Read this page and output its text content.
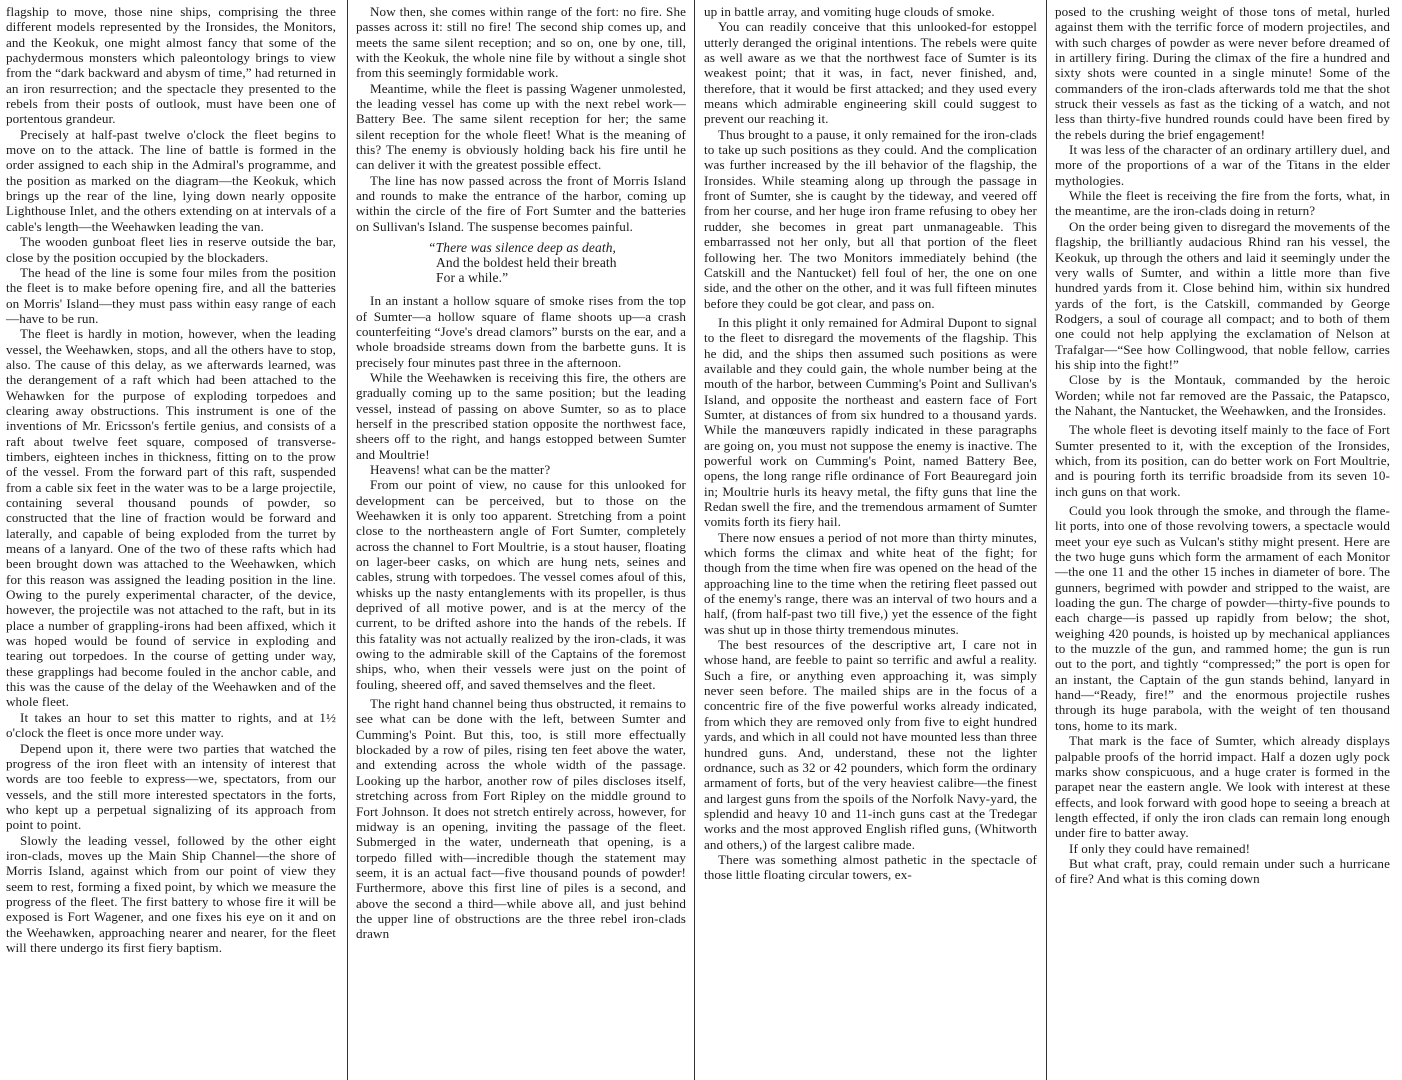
flagship to move, those nine ships, comprising the three different models represented by the Ironsides, the Monitors, and the Keokuk, one might almost fancy that some of the pachydermous monsters which paleontology brings to view from the “dark backward and abysm of time,” had returned in an iron resurrection; and the spectacle they presented to the rebels from their posts of outlook, must have been one of portentous grandeur.

Precisely at half-past twelve o'clock the fleet begins to move on to the attack. The line of battle is formed in the order assigned to each ship in the Admiral's programme, and the position as marked on the diagram—the Keokuk, which brings up the rear of the line, lying down nearly opposite Lighthouse Inlet, and the others extending on at intervals of a cable's length—the Weehawken leading the van.

The wooden gunboat fleet lies in reserve outside the bar, close by the position occupied by the blockaders.

The head of the line is some four miles from the position the fleet is to make before opening fire, and all the batteries on Morris' Island—they must pass within easy range of each—have to be run.

The fleet is hardly in motion, however, when the leading vessel, the Weehawken, stops, and all the others have to stop, also. The cause of this delay, as we afterwards learned, was the derangement of a raft which had been attached to the Wehawken for the purpose of exploding torpedoes and clearing away obstructions. This instrument is one of the inventions of Mr. Ericsson's fertile genius, and consists of a raft about twelve feet square, composed of transverse-timbers, eighteen inches in thickness, fitting on to the prow of the vessel. From the forward part of this raft, suspended from a cable six feet in the water was to be a large projectile, containing several thousand pounds of powder, so constructed that the line of fraction would be forward and laterally, and capable of being exploded from the turret by means of a lanyard. One of the two of these rafts which had been brought down was attached to the Weehawken, which for this reason was assigned the leading position in the line. Owing to the purely experimental character, of the device, however, the projectile was not attached to the raft, but in its place a number of grappling-irons had been affixed, which it was hoped would be found of service in exploding and tearing out torpedoes. In the course of getting under way, these grapplings had become fouled in the anchor cable, and this was the cause of the delay of the Weehawken and of the whole fleet.

It takes an hour to set this matter to rights, and at 1½ o'clock the fleet is once more under way.

Depend upon it, there were two parties that watched the progress of the iron fleet with an intensity of interest that words are too feeble to express—we, spectators, from our vessels, and the still more interested spectators in the forts, who kept up a perpetual signalizing of its approach from point to point.

Slowly the leading vessel, followed by the other eight iron-clads, moves up the Main Ship Channel—the shore of Morris Island, against which from our point of view they seem to rest, forming a fixed point, by which we measure the progress of the fleet. The first battery to whose fire it will be exposed is Fort Wagener, and one fixes his eye on it and on the Weehawken, approaching nearer and nearer, for the fleet will there undergo its first fiery baptism.

Now then, she comes within range of the fort: no fire. She passes across it: still no fire! The second ship comes up, and meets the same silent reception; and so on, one by one, till, with the Keokuk, the whole nine file by without a single shot from this seemingly formidable work.

Meantime, while the fleet is passing Wagener unmolested, the leading vessel has come up with the next rebel work—Battery Bee. The same silent reception for her; the same silent reception for the whole fleet! What is the meaning of this? The enemy is obviously holding back his fire until he can deliver it with the greatest possible effect.

The line has now passed across the front of Morris Island and rounds to make the entrance of the harbor, coming up within the circle of the fire of Fort Sumter and the batteries on Sullivan's Island. The suspense becomes painful.

“There was silence deep as death,
And the boldest held their breath
For a while.”

In an instant a hollow square of smoke rises from the top of Sumter—a hollow square of flame shoots up—a crash counterfeiting “Jove's dread clamors” bursts on the ear, and a whole broadside streams down from the barbette guns. It is precisely four minutes past three in the afternoon.

While the Weehawken is receiving this fire, the others are gradually coming up to the same position; but the leading vessel, instead of passing on above Sumter, so as to place herself in the prescribed station opposite the northwest face, sheers off to the right, and hangs estopped between Sumter and Moultrie!

Heavens! what can be the matter?

From our point of view, no cause for this unlooked for development can be perceived, but to those on the Weehawken it is only too apparent. Stretching from a point close to the northeastern angle of Fort Sumter, completely across the channel to Fort Moultrie, is a stout hauser, floating on lager-beer casks, on which are hung nets, seines and cables, strung with torpedoes. The vessel comes afoul of this, whisks up the nasty entanglements with its propeller, is thus deprived of all motive power, and is at the mercy of the current, to be drifted ashore into the hands of the rebels. If this fatality was not actually realized by the iron-clads, it was owing to the admirable skill of the Captains of the foremost ships, who, when their vessels were just on the point of fouling, sheered off, and saved themselves and the fleet.

The right hand channel being thus obstructed, it remains to see what can be done with the left, between Sumter and Cumming's Point. But this, too, is still more effectually blockaded by a row of piles, rising ten feet above the water, and extending across the whole width of the passage. Looking up the harbor, another row of piles discloses itself, stretching across from Fort Ripley on the middle ground to Fort Johnson. It does not stretch entirely across, however, for midway is an opening, inviting the passage of the fleet. Submerged in the water, underneath that opening, is a torpedo filled with—incredible though the statement may seem, it is an actual fact—five thousand pounds of powder! Furthermore, above this first line of piles is a second, and above the second a third—while above all, and just behind the upper line of obstructions are the three rebel iron-clads drawn

up in battle array, and vomiting huge clouds of smoke.

You can readily conceive that this unlooked-for estoppel utterly deranged the original intentions. The rebels were quite as well aware as we that the northwest face of Sumter is its weakest point; that it was, in fact, never finished, and, therefore, that it would be first attacked; and they used every means which admirable engineering skill could suggest to prevent our reaching it.

Thus brought to a pause, it only remained for the iron-clads to take up such positions as they could. And the complication was further increased by the ill behavior of the flagship, the Ironsides. While steaming along up through the passage in front of Sumter, she is caught by the tideway, and veered off from her course, and her huge iron frame refusing to obey her rudder, she becomes in great part unmanageable. This embarrassed not her only, but all that portion of the fleet following her. The two Monitors immediately behind (the Catskill and the Nantucket) fell foul of her, the one on one side, and the other on the other, and it was full fifteen minutes before they could be got clear, and pass on.

In this plight it only remained for Admiral Dupont to signal to the fleet to disregard the movements of the flagship. This he did, and the ships then assumed such positions as were available and they could gain, the whole number being at the mouth of the harbor, between Cumming's Point and Sullivan's Island, and opposite the northeast and eastern face of Fort Sumter, at distances of from six hundred to a thousand yards. While the manœuvers rapidly indicated in these paragraphs are going on, you must not suppose the enemy is inactive. The powerful work on Cumming's Point, named Battery Bee, opens, the long range rifle ordinance of Fort Beauregard join in; Moultrie hurls its heavy metal, the fifty guns that line the Redan swell the fire, and the tremendous armament of Sumter vomits forth its fiery hail.

There now ensues a period of not more than thirty minutes, which forms the climax and white heat of the fight; for though from the time when fire was opened on the head of the approaching line to the time when the retiring fleet passed out of the enemy's range, there was an interval of two hours and a half, (from half-past two till five,) yet the essence of the fight was shut up in those thirty tremendous minutes.

The best resources of the descriptive art, I care not in whose hand, are feeble to paint so terrific and awful a reality. Such a fire, or anything even approaching it, was simply never seen before. The mailed ships are in the focus of a concentric fire of the five powerful works already indicated, from which they are removed only from five to eight hundred yards, and which in all could not have mounted less than three hundred guns. And, understand, these not the lighter ordnance, such as 32 or 42 pounders, which form the ordinary armament of forts, but of the very heaviest calibre—the finest and largest guns from the spoils of the Norfolk Navy-yard, the splendid and heavy 10 and 11-inch guns cast at the Tredegar works and the most approved English rifled guns, (Whitworth and others,) of the largest calibre made.

There was something almost pathetic in the spectacle of those little floating circular towers, ex-

posed to the crushing weight of those tons of metal, hurled against them with the terrific force of modern projectiles, and with such charges of powder as were never before dreamed of in artillery firing. During the climax of the fire a hundred and sixty shots were counted in a single minute! Some of the commanders of the iron-clads afterwards told me that the shot struck their vessels as fast as the ticking of a watch, and not less than thirty-five hundred rounds could have been fired by the rebels during the brief engagement!

It was less of the character of an ordinary artillery duel, and more of the proportions of a war of the Titans in the elder mythologies.

While the fleet is receiving the fire from the forts, what, in the meantime, are the iron-clads doing in return?

On the order being given to disregard the movements of the flagship, the brilliantly audacious Rhind ran his vessel, the Keokuk, up through the others and laid it seemingly under the very walls of Sumter, and within a little more than five hundred yards from it. Close behind him, within six hundred yards of the fort, is the Catskill, commanded by George Rodgers, a soul of courage all compact; and to both of them one could not help applying the exclamation of Nelson at Trafalgar—“See how Collingwood, that noble fellow, carries his ship into the fight!”

Close by is the Montauk, commanded by the heroic Worden; while not far removed are the Passaic, the Patapsco, the Nahant, the Nantucket, the Weehawken, and the Ironsides.

The whole fleet is devoting itself mainly to the face of Fort Sumter presented to it, with the exception of the Ironsides, which, from its position, can do better work on Fort Moultrie, and is pouring forth its terrific broadside from its seven 10-inch guns on that work.

Could you look through the smoke, and through the flame-lit ports, into one of those revolving towers, a spectacle would meet your eye such as Vulcan's stithy might present. Here are the two huge guns which form the armament of each Monitor—the one 11 and the other 15 inches in diameter of bore. The gunners, begrimed with powder and stripped to the waist, are loading the gun. The charge of powder—thirty-five pounds to each charge—is passed up rapidly from below; the shot, weighing 420 pounds, is hoisted up by mechanical appliances to the muzzle of the gun, and rammed home; the gun is run out to the port, and tightly “compressed;” the port is open for an instant, the Captain of the gun stands behind, lanyard in hand—“Ready, fire!” and the enormous projectile rushes through its huge parabola, with the weight of ten thousand tons, home to its mark.

That mark is the face of Sumter, which already displays palpable proofs of the horrid impact. Half a dozen ugly pock marks show conspicuous, and a huge crater is formed in the parapet near the eastern angle. We look with interest at these effects, and look forward with good hope to seeing a breach at length effected, if only the iron clads can remain long enough under fire to batter away.

If only they could have remained!

But what craft, pray, could remain under such a hurricane of fire? And what is this coming down
